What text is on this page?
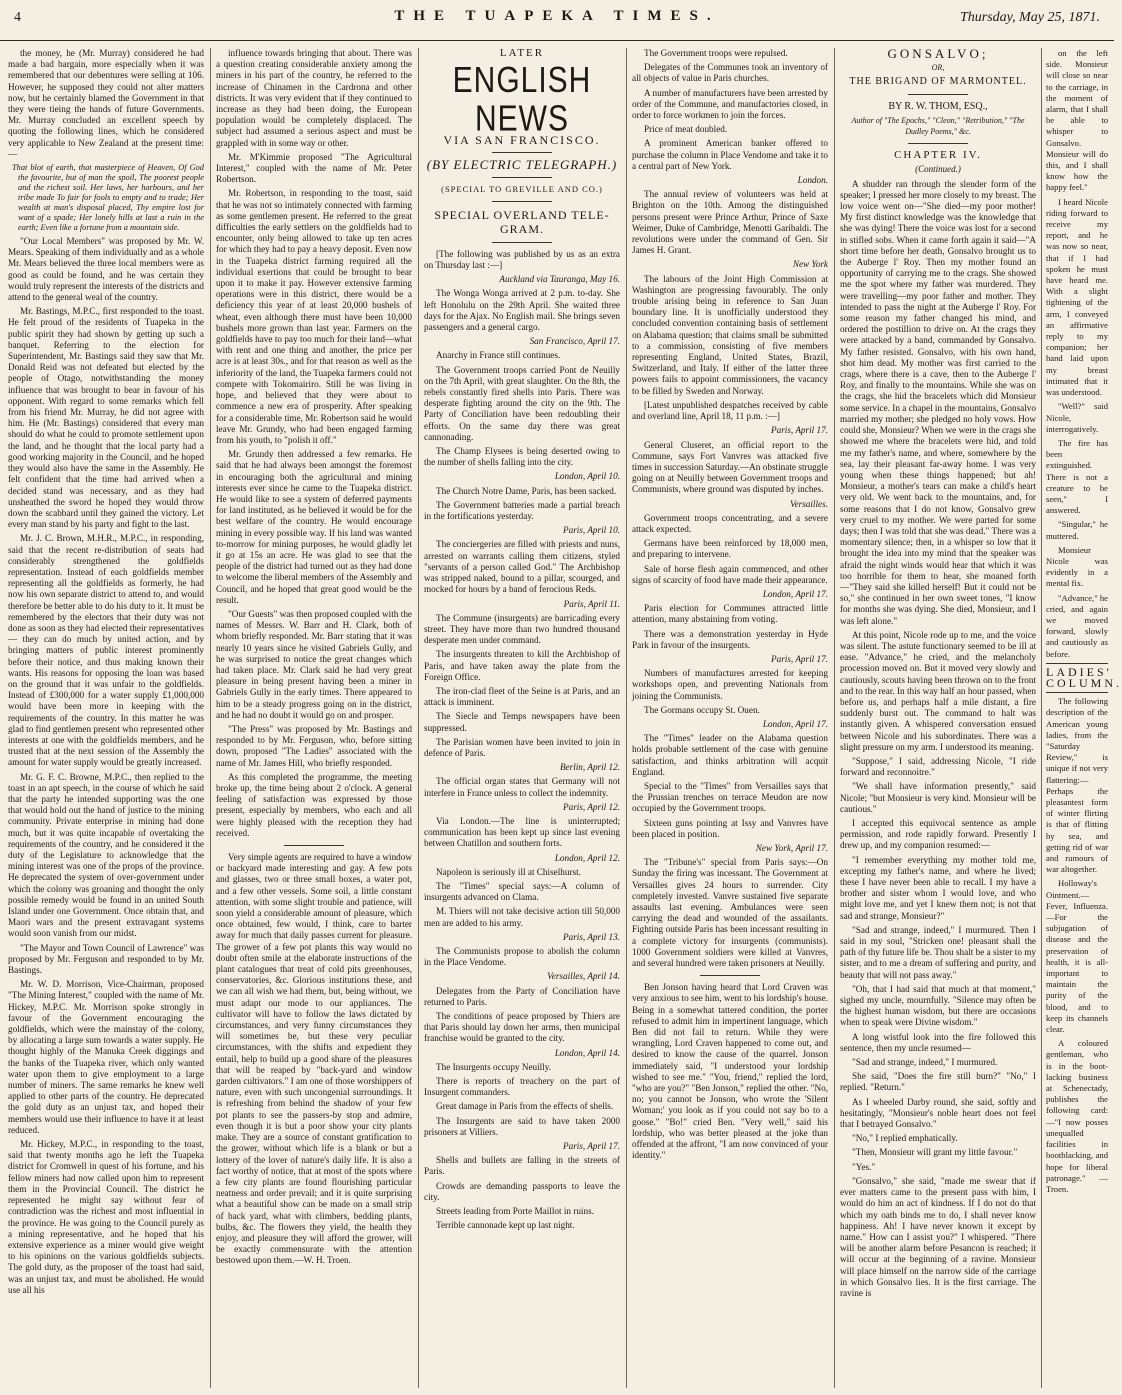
4	THE TUAPEKA TIMES.	Thursday, May 25, 1871.

the money, he (Mr. Murray) considered he had made a bad bargain, more especially when it was remembered that our debentures were selling at 106. However, he supposed they could not alter matters now, but he certainly blamed the Government in that they were tieing the hands of future Governments. Mr. Murray concluded an excellent speech by quoting the following lines, which he considered very applicable to New Zealand at the present time:—

That blot of earth, that masterpiece of Heaven, Of God the favourite, but of man the spoil, The poorest people and the richest soil. Her laws, her harbours, and her tribe made To fair for fools to empty and to trade; Her wealth at man's disposal placed, Thy empire lost for want of a spade; Her lonely hills at last a ruin in the earth; Even like a fortune from a mountain side.

"Our Local Members" was proposed by Mr. W. Mears. Speaking of them individually and as a whole Mr. Mears believed the three local members were as good as could be found, and he was certain they would truly represent the interests of the districts and attend to the general weal of the country.

Mr. Bastings, M.P.C., first responded to the toast. He felt proud of the residents of Tuapeka in the public spirit they had shown by getting up such a banquet. Referring to the election for Superintendent, Mr. Bastings said they saw that Mr. Donald Reid was not defeated but elected by the people of Otago, notwithstanding the money influence that was brought to bear in favour of his opponent. With regard to some remarks which fell from his friend Mr. Murray, he did not agree with him. He (Mr. Bastings) considered that every man should do what he could to promote settlement upon the land, and he thought that the local party had a good working majority in the Council, and he hoped they would also have the same in the Assembly. He felt confident that the time had arrived when a decided stand was necessary, and as they had unsheathed the sword he hoped they would throw down the scabbard until they gained the victory. Let every man stand by his party and fight to the last.

Mr. J. C. Brown, M.H.R., M.P.C., in responding, said that the recent re-distribution of seats had considerably strengthened the goldfields representation. Instead of each goldfields member representing all the goldfields as formerly, he had now his own separate district to attend to, and would therefore be better able to do his duty to it. It must be remembered by the electors that their duty was not done as soon as they had elected their representatives — they can do much by united action, and by bringing matters of public interest prominently before their notice, and thus making known their wants. His reasons for opposing the loan was based on the ground that it was unfair to the goldfields. Instead of £300,000 for a water supply £1,000,000 would have been more in keeping with the requirements of the country. In this matter he was glad to find gentlemen present who represented other interests at one with the goldfields members, and he trusted that at the next session of the Assembly the amount for water supply would be greatly increased.

Mr. G. F. C. Browne, M.P.C., then replied to the toast in an apt speech, in the course of which he said that the party he intended supporting was the one that would hold out the hand of justice to the mining community. Private enterprise in mining had done much, but it was quite incapable of overtaking the requirements of the country, and he considered it the duty of the Legislature to acknowledge that the mining interest was one of the props of the province. He deprecated the system of over-government under which the colony was groaning and thought the only possible remedy would be found in an united South Island under one Government. Once obtain that, and Maori wars and the present extravagant systems would soon vanish from our midst.

"The Mayor and Town Council of Lawrence" was proposed by Mr. Ferguson and responded to by Mr. Bastings.

Mr. W. D. Morrison, Vice-Chairman, proposed "The Mining Interest," coupled with the name of Mr. Hickey, M.P.C. Mr. Morrison spoke strongly in favour of the Government encouraging the goldfields, which were the mainstay of the colony, by allocating a large sum towards a water supply. He thought highly of the Manuka Creek diggings and the banks of the Tuapeka river, which only wanted water upon them to give employment to a large number of miners. The same remarks he knew well applied to other parts of the country. He deprecated the gold duty as an unjust tax, and hoped their members would use their influence to have it at least reduced.

Mr. Hickey, M.P.C., in responding to the toast, said that twenty months ago he left the Tuapeka district for Cromwell in quest of his fortune, and his fellow miners had now called upon him to represent them in the Provincial Council. The district he represented he might say without fear of contradiction was the richest and most influential in the province. He was going to the Council purely as a mining representative, and he hoped that his extensive experience as a miner would give weight to his opinions on the various goldfields subjects. The gold duty, as the proposer of the toast had said, was an unjust tax, and must be abolished. He would use all his

influence towards bringing that about. There was a question creating considerable anxiety among the miners in his part of the country, he referred to the increase of Chinamen in the Cardrona and other districts. It was very evident that if they continued to increase as they had been doing, the European population would be completely displaced. The subject had assumed a serious aspect and must be grappled with in some way or other.

Mr. M'Kimmie proposed "The Agricultural Interest," coupled with the name of Mr. Peter Robertson.

Mr. Robertson, in responding to the toast, said that he was not so intimately connected with farming as some gentlemen present. He referred to the great difficulties the early settlers on the goldfields had to encounter, only being allowed to take up ten acres for which they had to pay a heavy deposit. Even now in the Tuapeka district farming required all the individual exertions that could be brought to bear upon it to make it pay. However extensive farming operations were in this district, there would be a deficiency this year of at least 20,000 bushels of wheat, even although there must have been 10,000 bushels more grown than last year. Farmers on the goldfields have to pay too much for their land—what with rent and one thing and another, the price per acre is at least 30s., and for that reason as well as the inferiority of the land, the Tuapeka farmers could not compete with Tokomairiro. Still he was living in hope, and believed that they were about to commence a new era of prosperity. After speaking for a considerable time, Mr. Robertson said he would leave Mr. Grundy, who had been engaged farming from his youth, to "polish it off."

Mr. Grundy then addressed a few remarks. He said that he had always been amongst the foremost in encouraging both the agricultural and mining interests ever since he came to the Tuapeka district. He would like to see a system of deferred payments for land instituted, as he believed it would be for the best welfare of the country. He would encourage mining in every possible way. If his land was wanted to-morrow for mining purposes, he would gladly let it go at 15s an acre. He was glad to see that the people of the district had turned out as they had done to welcome the liberal members of the Assembly and Council, and he hoped that great good would be the result.

"Our Guests" was then proposed coupled with the names of Messrs. W. Barr and H. Clark, both of whom briefly responded. Mr. Barr stating that it was nearly 10 years since he visited Gabriels Gully, and he was surprised to notice the great changes which had taken place. Mr. Clark said he had very great pleasure in being present having been a miner in Gabriels Gully in the early times. There appeared to him to be a steady progress going on in the district, and he had no doubt it would go on and prosper.

"The Press" was proposed by Mr. Bastings and responded to by Mr. Ferguson, who, before sitting down, proposed "The Ladies" associated with the name of Mr. James Hill, who briefly responded.

As this completed the programme, the meeting broke up, the time being about 2 o'clock. A general feeling of satisfaction was expressed by those present, especially by members, who each and all were highly pleased with the reception they had received.

Very simple agents are required to have a window or backyard made interesting and gay. A few pots and glasses, two or three small boxes, a water pot, and a few other vessels. Some soil, a little constant attention, with some slight trouble and patience, will soon yield a considerable amount of pleasure, which once obtained, few would, I think, care to barter away for much that daily passes current for pleasure. The grower of a few pot plants this way would no doubt often smile at the elaborate instructions of the plant catalogues that treat of cold pits greenhouses, conservatories, &c. Glorious institutions these, and we can all wish we had them, but, being without, we must adapt our mode to our appliances. The cultivator will have to follow the laws dictated by circumstances, and very funny circumstances they will sometimes be, but these very peculiar circumstances, with the shifts and expedient they entail, help to build up a good share of the pleasures that will be reaped by "back-yard and window garden cultivators." I am one of those worshippers of nature, even with such uncongenial surroundings. It is refreshing from behind the shadow of your few pot plants to see the passers-by stop and admire, even though it is but a poor show your city plants make. They are a source of constant gratification to the grower, without which life is a blank or but a lottery of the lover of nature's daily life. It is also a fact worthy of notice, that at most of the spots where a few city plants are found flourishing particular neatness and order prevail; and it is quite surprising what a beautiful show can be made on a small strip of back yard, what with climbers, bedding plants, bulbs, &c. The flowers they yield, the health they enjoy, and pleasure they will afford the grower, will be exactly commensurate with the attention bestowed upon them.—W. H. Troen.

LATER

ENGLISH NEWS

VIA SAN FRANCISCO.

(BY ELECTRIC TELEGRAPH.)

(SPECIAL TO GREVILLE AND CO.)

SPECIAL OVERLAND TELE-GRAM.

[The following was published by us as an extra on Thursday last :—]

Auckland via Tauranga, May 16.

The Wonga Wonga arrived at 2 p.m. to-day. She left Honolulu on the 29th April. She waited three days for the Ajax. No English mail. She brings seven passengers and a general cargo.

San Francisco, April 17.

Anarchy in France still continues.

The Government troops carried Pont de Neuilly on the 7th April, with great slaughter. On the 8th, the rebels constantly fired shells into Paris. There was desperate fighting around the city on the 9th. The Party of Conciliation have been redoubling their efforts. On the same day there was great cannonading.

The Champ Elysees is being deserted owing to the number of shells falling into the city.

London, April 10.

The Church Notre Dame, Paris, has been sacked.

The Government batteries made a partial breach in the fortifications yesterday.

Paris, April 10.

The conciergeries are filled with priests and nuns, arrested on warrants calling them citizens, styled "servants of a person called God." The Archbishop was stripped naked, bound to a pillar, scourged, and mocked for hours by a band of ferocious Reds.

Paris, April 11.

The Commune (insurgents) are barricading every street. They have more than two hundred thousand desperate men under command.

The insurgents threaten to kill the Archbishop of Paris, and have taken away the plate from the Foreign Office.

The iron-clad fleet of the Seine is at Paris, and an attack is imminent.

The Siecle and Temps newspapers have been suppressed.

The Parisian women have been invited to join in defence of Paris.

Berlin, April 12.

The official organ states that Germany will not interfere in France unless to collect the indemnity.

Paris, April 12.

Via London.—The line is uninterrupted; communication has been kept up since last evening between Chatillon and southern forts.

London, April 12.

Napoleon is seriously ill at Chiselhurst.

The "Times" special says:—A column of insurgents advanced on Clama.

M. Thiers will not take decisive action till 50,000 men are added to his army.

Paris, April 13.

The Communists propose to abolish the column in the Place Vendome.

Versailles, April 14.

Delegates from the Party of Conciliation have returned to Paris.

The conditions of peace proposed by Thiers are that Paris should lay down her arms, then municipal franchise would be granted to the city.

London, April 14.

The Insurgents occupy Neuilly.

There is reports of treachery on the part of Insurgent commanders.

Great damage in Paris from the effects of shells.

The Insurgents are said to have taken 2000 prisoners at Villiers.

Paris, April 17.

Shells and bullets are falling in the streets of Paris.

Crowds are demanding passports to leave the city.

Streets leading from Porte Maillot in ruins.

Terrible cannonade kept up last night.

The Government troops were repulsed.

Delegates of the Communes took an inventory of all objects of value in Paris churches.

A number of manufacturers have been arrested by order of the Commune, and manufactories closed, in order to force workmen to join the forces.

Price of meat doubled.

A prominent American banker offered to purchase the column in Place Vendome and take it to a central part of New York.

London.

The annual review of volunteers was held at Brighton on the 10th. Among the distinguished persons present were Prince Arthur, Prince of Saxe Weimer, Duke of Cambridge, Menotti Garibaldi. The revolutions were under the command of Gen. Sir James H. Grant.

New York

The labours of the Joint High Commission at Washington are progressing favourably. The only trouble arising being in reference to San Juan boundary line. It is unofficially understood they concluded convention containing basis of settlement on Alabama question; that claims small be submitted to a commission, consisting of five members representing England, United States, Brazil, Switzerland, and Italy. If either of the latter three powers fails to appoint commissioners, the vacancy to be filled by Sweden and Norway.

[Latest unpublished despatches received by cable and overland line, April 18, 11 p.m. :—]

Paris, April 17.

General Cluseret, an official report to the Commune, says Fort Vanvres was attacked five times in succession Saturday.—An obstinate struggle going on at Neuilly between Government troops and Communists, where ground was disputed by inches.

Versailles.

Government troops concentrating, and a severe attack expected.

Germans have been reinforced by 18,000 men, and preparing to intervene.

Sale of horse flesh again commenced, and other signs of scarcity of food have made their appearance.

London, April 17.

Paris election for Communes attracted little attention, many abstaining from voting.

There was a demonstration yesterday in Hyde Park in favour of the insurgents.

Paris, April 17.

Numbers of manufactures arrested for keeping workshops open, and preventing Nationals from joining the Communists.

The Gormans occupy St. Ouen.

London, April 17.

The "Times" leader on the Alabama question holds probable settlement of the case with genuine satisfaction, and thinks arbitration will acquit England.

Special to the "Times" from Versailles says that the Prussian trenches on terrace Meudon are now occupied by the Government troops.

Sixteen guns pointing at Issy and Vanvres have been placed in position.

New York, April 17.

The "Tribune's" special from Paris says:—On Sunday the firing was incessant. The Government at Versailles gives 24 hours to surrender. City completely invested. Vanvre sustained five separate assaults last evening. Ambulances were seen carrying the dead and wounded of the assailants. Fighting outside Paris has been incessant resulting in a complete victory for insurgents (communists). 1000 Government soldiers were killed at Vanvres, and several hundred were taken prisoners at Neuilly.

Ben Jonson having heard that Lord Craven was very anxious to see him, went to his lordship's house. Being in a somewhat tattered condition, the porter refused to admit him in impertinent language, which Ben did not fail to return. While they were wrangling, Lord Craven happened to come out, and desired to know the cause of the quarrel. Jonson immediately said, "I understood your lordship wished to see me." "You, friend," replied the lord, "who are you?" "Ben Jonson," replied the other. "No, no; you cannot be Jonson, who wrote the 'Silent Woman;' you look as if you could not say bo to a goose." "Bo!" cried Ben. "Very well," said his lordship, who was better pleased at the joke than offended at the affront, "I am now convinced of your identity."

GONSALVO;

OR,

THE BRIGAND OF MARMONTEL.

BY R. W. THOM, ESQ.,

Author of "The Epochs," "Cleon," "Retribution," "The Dudley Poems," &c.

CHAPTER IV.

(Continued.)

A shudder ran through the slender form of the speaker; I pressed her more closely to my breast. The low voice went on—"She died—my poor mother! My first distinct knowledge was the knowledge that she was dying! There the voice was lost for a second in stifled sobs. When it came forth again it said—"A short time before her death, Gonsalvo brought us to the Auberge l' Roy. Then my mother found an opportunity of carrying me to the crags. She showed me the spot where my father was murdered. They were travelling—my poor father and mother. They intended to pass the night at the Auberge l' Roy. For some reason my father changed his mind, and ordered the postillion to drive on. At the crags they were attacked by a band, commanded by Gonsalvo. My father resisted. Gonsalvo, with his own hand, shot him dead. My mother was first carried to the crags, where there is a cave, then to the Auberge l' Roy, and finally to the mountains. While she was on the crags, she hid the bracelets which did Monsieur some service. In a chapel in the mountains, Gonsalvo married my mother; she pledged no holy vows. How could she, Monsieur? When we were in the crags she showed me where the bracelets were hid, and told me my father's name, and where, somewhere by the sea, lay their pleasant far-away home. I was very young when these things happened; but ah! Monsieur, a mother's tears can make a child's heart very old. We went back to the mountains, and, for some reasons that I do not know, Gonsalvo grew very cruel to my mother. We were parted for some days; then I was told that she was dead." There was a momentary silence; then, in a whisper so low that it brought the idea into my mind that the speaker was afraid the night winds would hear that which it was too horrible for them to hear, she moaned forth—"They said she killed herself! But it could not be so," she continued in her own sweet tones, "I know for months she was dying. She died, Monsieur, and I was left alone."

At this point, Nicole rode up to me, and the voice was silent. The astute functionary seemed to be ill at ease. "Advance," he cried, and the melancholy procession moved on. But it moved very slowly and cautiously, scouts having been thrown on to the front and to the rear. In this way half an hour passed, when before us, and perhaps half a mile distant, a fire suddenly burst out. The command to halt was instantly given. A whispered conversation ensued between Nicole and his subordinates. There was a slight pressure on my arm. I understood its meaning.

"Suppose," I said, addressing Nicole, "I ride forward and reconnoitre."

"We shall have information presently," said Nicole; "but Monsieur is very kind. Monsieur will be cautious."

I accepted this equivocal sentence as ample permission, and rode rapidly forward. Presently I drew up, and my companion resumed:—

"I remember everything my mother told me, excepting my father's name, and where he lived; these I have never been able to recall. I my have a brother and sister whom I would love, and who might love me, and yet I knew them not; is not that sad and strange, Monsieur?"

"Sad and strange, indeed," I murmured. Then I said in my soul, "Stricken one! pleasant shall the path of thy future life be. Thou shalt be a sister to my sister, and to me a dream of suffering and purity, and beauty that will not pass away."

"Oh, that I had said that much at that moment," sighed my uncle, mournfully. "Silence may often be the highest human wisdom, but there are occasions when to speak were Divine wisdom."

A long wistful look into the fire followed this sentence, then my uncle resumed—

"Sad and strange, indeed," I murmured.

She said, "Does the fire still burn?" "No," I replied. "Return."

As I wheeled Darby round, she said, softly and hesitatingly, "Monsieur's noble heart does not feel that I betrayed Gonsalvo."

"No," I replied emphatically.

"Then, Monsieur will grant my little favour."

"Yes."

"Gonsalvo," she said, "made me swear that if ever matters came to the present pass with him, I would do him an act of kindness. If I do not do that which my oath binds me to do, I shall never know happiness. Ah! I have never known it except by name." How can I assist you?" I whispered. "There will be another alarm before Pesancon is reached; it will occur at the beginning of a ravine. Monsieur will place himself on the narrow side of the carriage in which Gonsalvo lies. It is the first carriage. The ravine is

on the left side. Monsieur will close so near to the carriage, in the moment of alarm, that I shall be able to whisper to Gonsalvo. Monsieur will do this, and I shall know how the happy feel."

I heard Nicole riding forward to receive my report, and he was now so near, that if I had spoken he must have heard me. With a slight tightening of the arm, I conveyed an affirmative reply to my companion; her hand laid upon my breast intimated that it was understood.

"Well?" said Nicole, interrogatively.

The fire has been extinguished. There is not a creature to be seen," I answered.

"Singular," he muttered.

Monsieur Nicole was evidently in a mental fix.

"Advance," he cried, and again we moved forward, slowly and cautiously as before.

LADIES' COLUMN.

The following description of the American young ladies, from the "Saturday Review," is unique if not very flattering:—Perhaps the pleasantest form of winter flirting is that of flitting by sea, and getting rid of war and rumours of war altogether.

Holloway's Ointment.—Fever, Influenza.—For the subjugation of disease and the preservation of health, it is all-important to maintain the purity of the blood, and to keep its channels clear.

A coloured gentleman, who is in the boot-lacking business at Schenectady, publishes the following card:—"I now posses unequalled facilities in bootblacking, and hope for liberal patronage." —Troen.
